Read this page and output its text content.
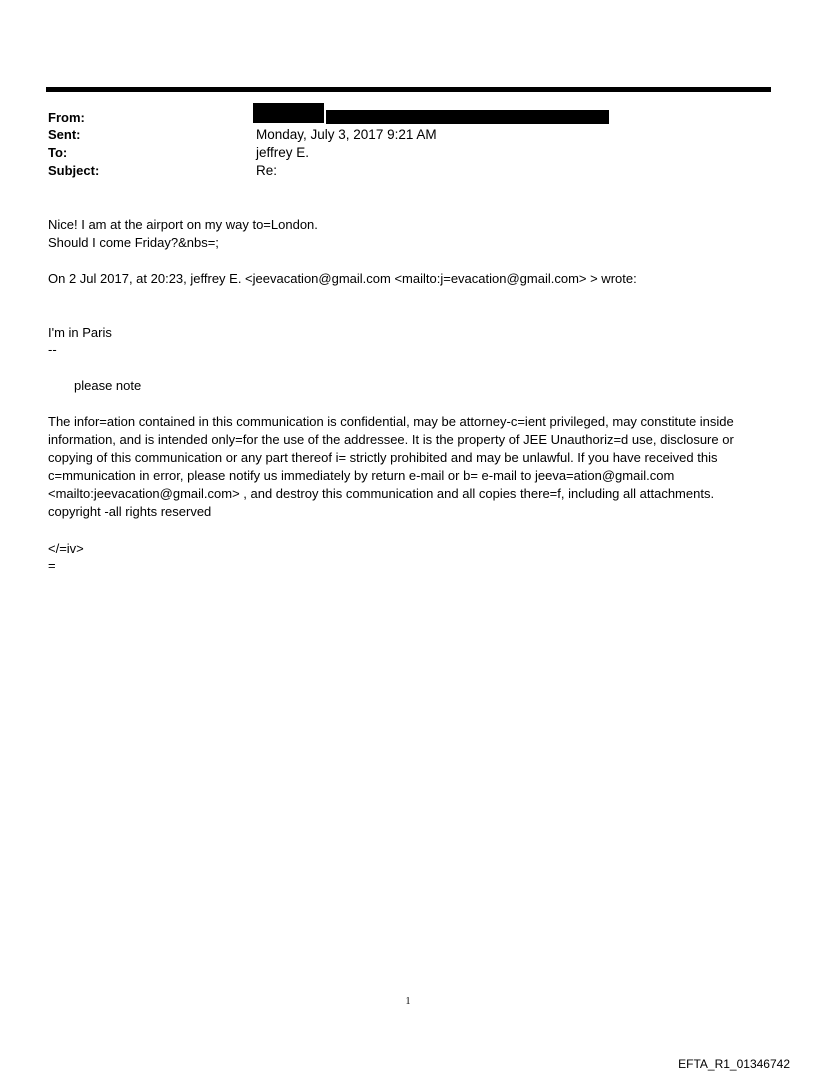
From:
Sent:	Monday, July 3, 2017 9:21 AM
To:	jeffrey E.
Subject:	Re:
Nice! I am at the airport on my way to=London.
Should I come Friday?&nbs=;
On 2 Jul 2017, at 20:23, jeffrey E. <jeevacation@gmail.com <mailto:j=evacation@gmail.com> > wrote:
I'm in Paris
--
please note
The infor=ation contained in this communication is confidential, may be attorney-c=ient privileged, may constitute inside information, and is intended only=for the use of the addressee. It is the property of JEE Unauthoriz=d use, disclosure or copying of this communication or any part thereof i= strictly prohibited and may be unlawful. If you have received this c=mmunication in error, please notify us immediately by return e-mail or b= e-mail to jeeva=ation@gmail.com <mailto:jeevacation@gmail.com> , and destroy this communication and all copies there=f, including all attachments. copyright -all rights reserved
</=iv>
=
1
EFTA_R1_01346742
